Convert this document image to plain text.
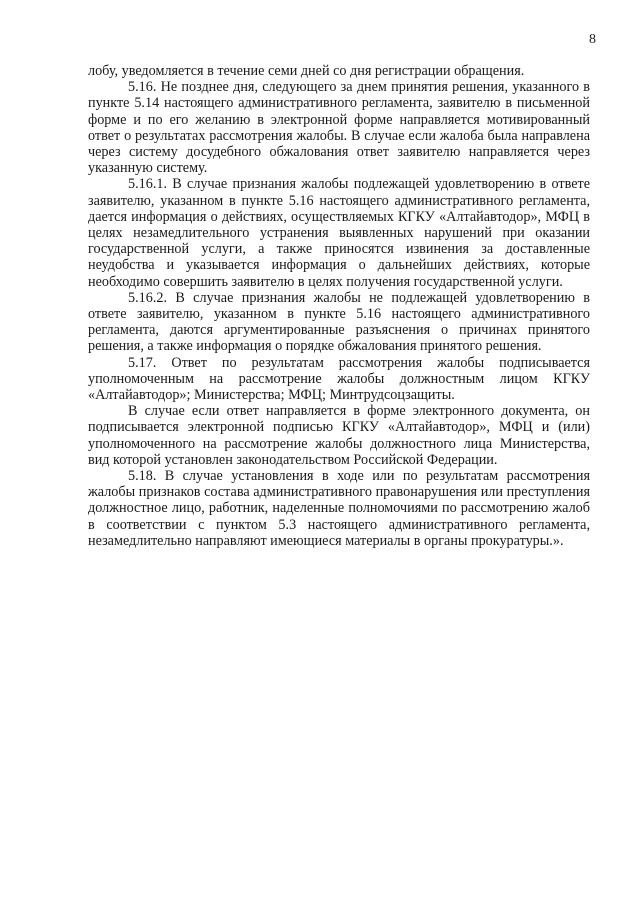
8

лобу, уведомляется в течение семи дней со дня регистрации обращения.

5.16. Не позднее дня, следующего за днем принятия решения, указанного в пункте 5.14 настоящего административного регламента, заявителю в письменной форме и по его желанию в электронной форме направляется мотивированный ответ о результатах рассмотрения жалобы. В случае если жалоба была направлена через систему досудебного обжалования ответ заявителю направляется через указанную систему.

5.16.1. В случае признания жалобы подлежащей удовлетворению в ответе заявителю, указанном в пункте 5.16 настоящего административного регламента, дается информация о действиях, осуществляемых КГКУ «Алтайавтодор», МФЦ в целях незамедлительного устранения выявленных нарушений при оказании государственной услуги, а также приносятся извинения за доставленные неудобства и указывается информация о дальнейших действиях, которые необходимо совершить заявителю в целях получения государственной услуги.

5.16.2. В случае признания жалобы не подлежащей удовлетворению в ответе заявителю, указанном в пункте 5.16 настоящего административного регламента, даются аргументированные разъяснения о причинах принятого решения, а также информация о порядке обжалования принятого решения.

5.17. Ответ по результатам рассмотрения жалобы подписывается уполномоченным на рассмотрение жалобы должностным лицом КГКУ «Алтайавтодор»; Министерства; МФЦ; Минтрудсоцзащиты.

В случае если ответ направляется в форме электронного документа, он подписывается электронной подписью КГКУ «Алтайавтодор», МФЦ и (или) уполномоченного на рассмотрение жалобы должностного лица Министерства, вид которой установлен законодательством Российской Федерации.

5.18. В случае установления в ходе или по результатам рассмотрения жалобы признаков состава административного правонарушения или преступления должностное лицо, работник, наделенные полномочиями по рассмотрению жалоб в соответствии с пунктом 5.3 настоящего административного регламента, незамедлительно направляют имеющиеся материалы в органы прокуратуры.».
